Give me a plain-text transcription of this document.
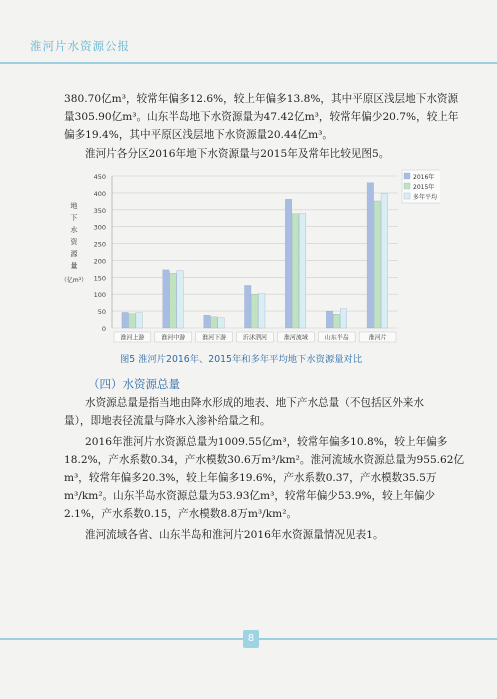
淮河片水资源公报
380.70亿m³，较常年偏多12.6%，较上年偏多13.8%，其中平原区浅层地下水资源
量305.90亿m³。山东半岛地下水资源量为47.42亿m³，较常年偏少20.7%，较上年
偏多19.4%，其中平原区浅层地下水资源量20.44亿m³。
淮河片各分区2016年地下水资源量与2015年及常年比较见图5。
0
50
100
150
200
250
300
350
400
450
地
下
水
资
源
量
（亿m³）
淮河上游	淮河中游	淮河下游	沂沭泗河	淮河流域	山东半岛	淮河片
2016年
2015年
多年平均
图5 淮河片2016年、2015年和多年平均地下水资源量对比
（四）水资源总量
水资源总量是指当地由降水形成的地表、地下产水总量（不包括区外来水
量），即地表径流量与降水入渗补给量之和。
2016年淮河片水资源总量为1009.55亿m³，较常年偏多10.8%，较上年偏多
18.2%，产水系数0.34，产水模数30.6万m³/km²。淮河流域水资源总量为955.62亿
m³，较常年偏多20.3%，较上年偏多19.6%，产水系数0.37，产水模数35.5万
m³/km²。山东半岛水资源总量为53.93亿m³，较常年偏少53.9%，较上年偏少
2.1%，产水系数0.15，产水模数8.8万m³/km²。
淮河流域各省、山东半岛和淮河片2016年水资源量情况见表1。
8
